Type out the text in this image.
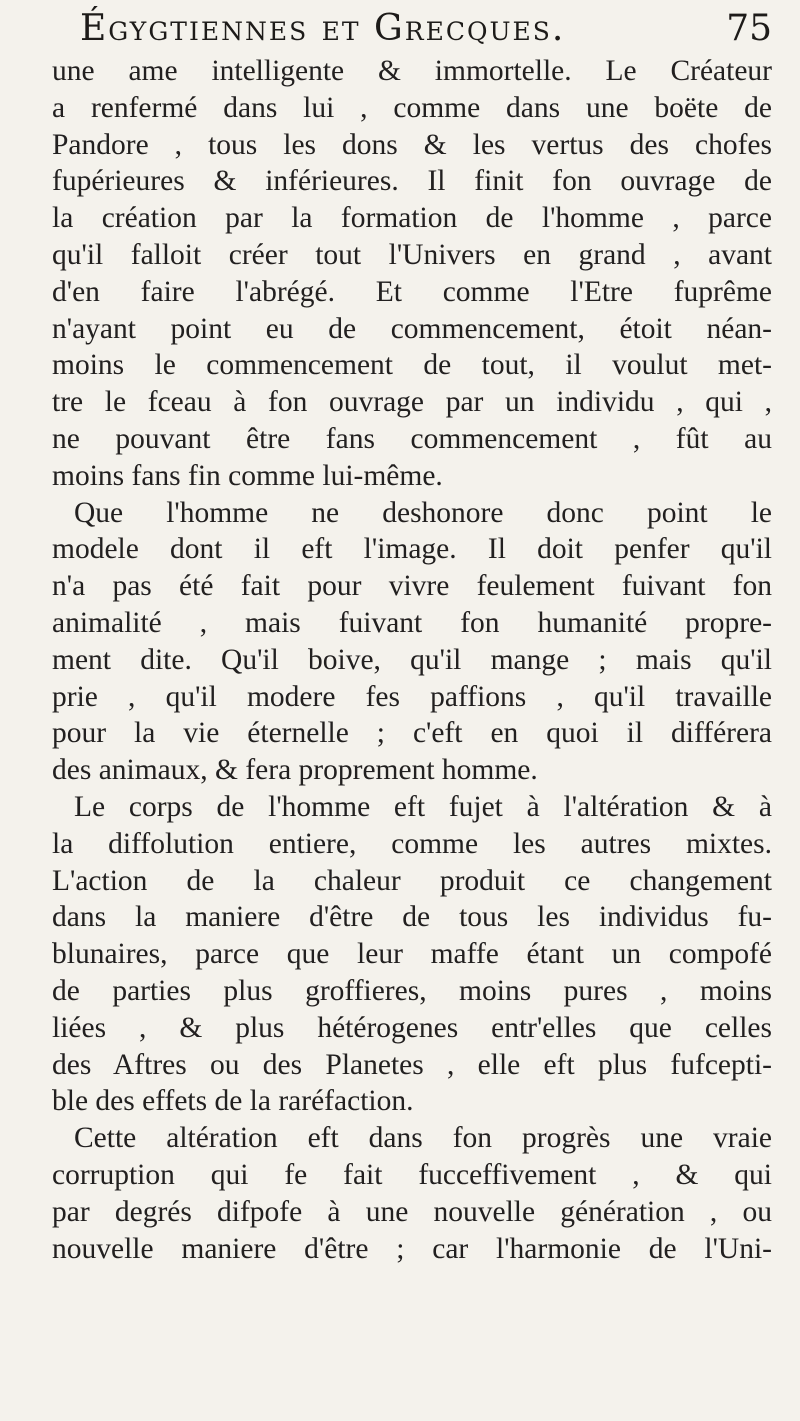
Égygtiennes et Grecques.	75
une ame intelligente & immortelle. Le Créateur
a renfermé dans lui , comme dans une boëte de
Pandore , tous les dons & les vertus des chofes
fupérieures & inférieures. Il finit fon ouvrage de
la création par la formation de l'homme , parce
qu'il falloit créer tout l'Univers en grand , avant
d'en faire l'abrégé. Et comme l'Etre fuprême
n'ayant point eu de commencement, étoit néan-
moins le commencement de tout, il voulut met-
tre le fceau à fon ouvrage par un individu , qui ,
ne pouvant être fans commencement , fût au
moins fans fin comme lui-même.
Que l'homme ne deshonore donc point le
modele dont il eft l'image. Il doit penfer qu'il
n'a pas été fait pour vivre feulement fuivant fon
animalité , mais fuivant fon humanité propre-
ment dite. Qu'il boive, qu'il mange ; mais qu'il
prie , qu'il modere fes paffions , qu'il travaille
pour la vie éternelle ; c'eft en quoi il différera
des animaux, & fera proprement homme.
Le corps de l'homme eft fujet à l'altération & à
la diffolution entiere, comme les autres mixtes.
L'action de la chaleur produit ce changement
dans la maniere d'être de tous les individus fu-
blunaires, parce que leur maffe étant un compofé
de parties plus groffieres, moins pures , moins
liées , & plus hétérogenes entr'elles que celles
des Aftres ou des Planetes , elle eft plus fufcepti-
ble des effets de la raréfaction.
Cette altération eft dans fon progrès une vraie
corruption qui fe fait fucceffivement , & qui
par degrés difpofe à une nouvelle génération , ou
nouvelle maniere d'être ; car l'harmonie de l'Uni-
